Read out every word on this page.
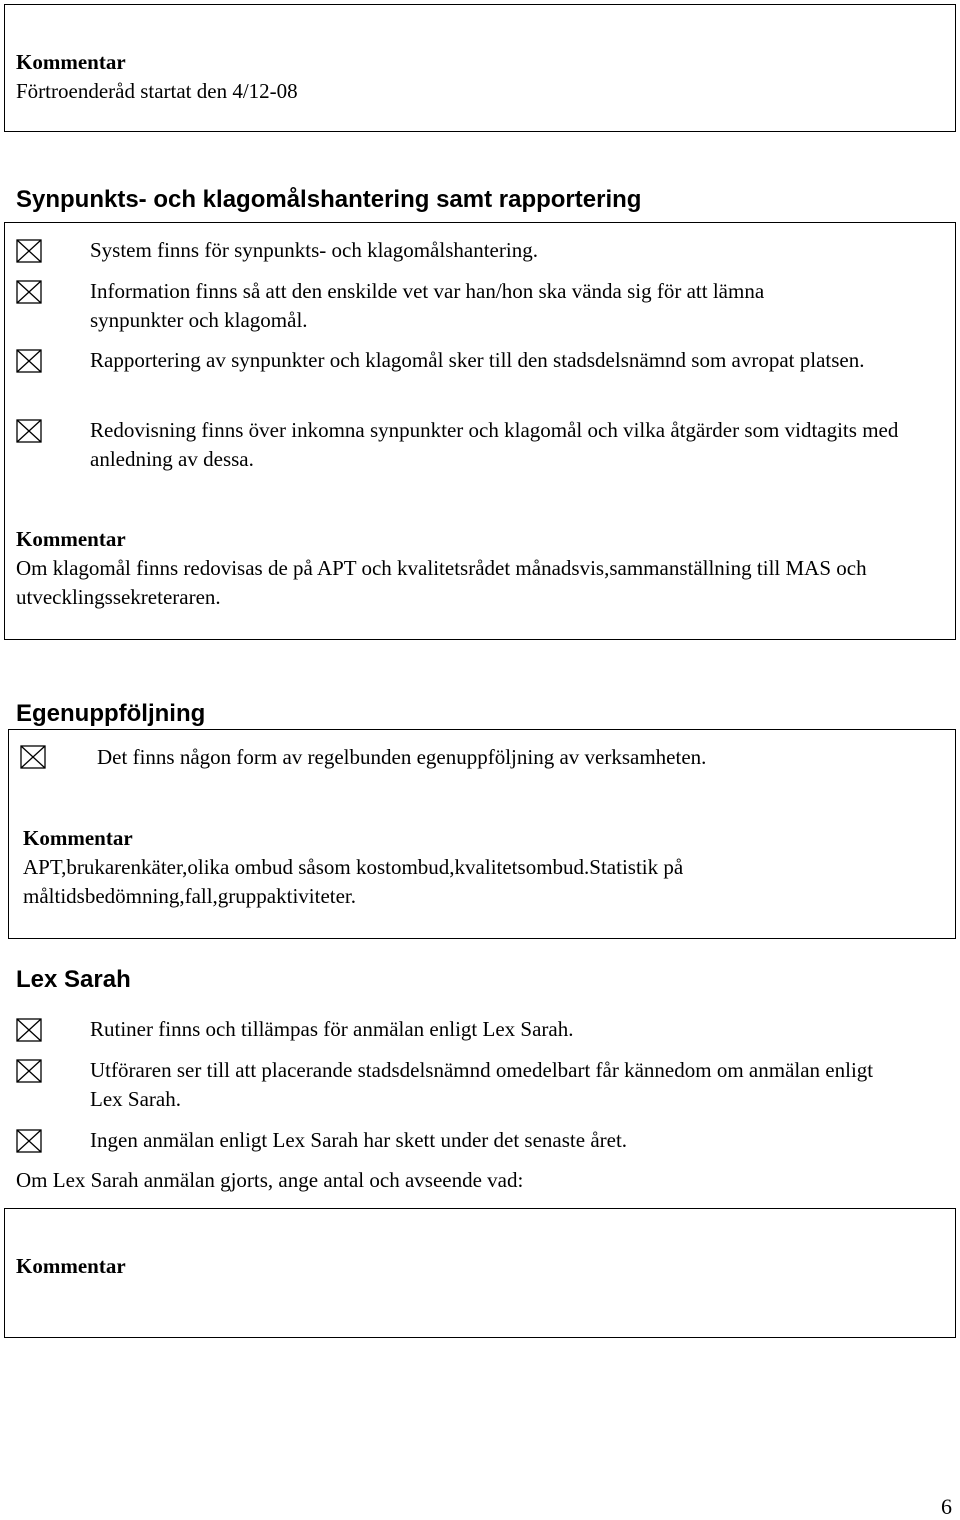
Kommentar
Förtroenderåd startat den 4/12-08
Synpunkts- och klagomålshantering samt rapportering
System finns för synpunkts- och klagomålshantering.
Information finns så att den enskilde vet var han/hon ska vända sig för att lämna synpunkter och klagomål.
Rapportering av synpunkter och klagomål sker till den stadsdelsnämnd som avropat platsen.
Redovisning finns över inkomna synpunkter och klagomål och vilka åtgärder som vidtagits med anledning av dessa.
Kommentar
Om klagomål finns redovisas de på APT och kvalitetsrådet månadsvis,sammanställning till MAS och utvecklingssekreteraren.
Egenuppföljning
Det finns någon form av regelbunden egenuppföljning av verksamheten.
Kommentar
APT,brukarenkäter,olika ombud såsom kostombud,kvalitetsombud.Statistik på måltidsbedömning,fall,gruppaktiviteter.
Lex Sarah
Rutiner finns och tillämpas för anmälan enligt Lex Sarah.
Utföraren ser till att placerande stadsdelsnämnd omedelbart får kännedom om anmälan enligt Lex Sarah.
Ingen anmälan enligt Lex Sarah har skett under det senaste året.
Om Lex Sarah anmälan gjorts, ange antal och avseende vad:
Kommentar
6
